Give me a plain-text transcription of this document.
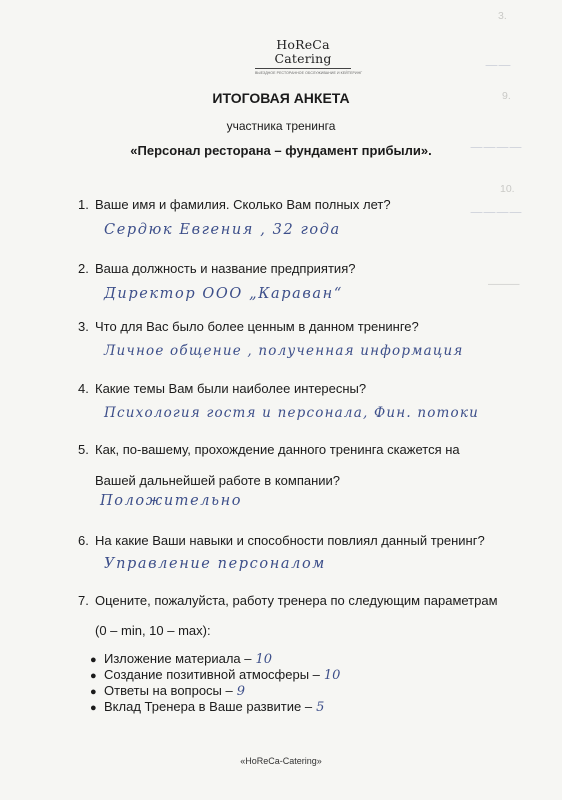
3.
9.
10.
——
————
————
———
HoReCa Catering
ВЫЕЗДНОЕ РЕСТОРАННОЕ ОБСЛУЖИВАНИЕ И КЕЙТЕРИНГ
ИТОГОВАЯ АНКЕТА
участника тренинга
«Персонал ресторана – фундамент прибыли».
1. Ваше имя и фамилия. Сколько Вам полных лет?
Сердюк Евгения , 32 года
2. Ваша должность и название предприятия?
Директор ООО „Караван“
3. Что для Вас было более ценным в данном тренинге?
Личное общение , полученная информация
4. Какие темы Вам были наиболее интересны?
Психология гостя и персонала, Фин. потоки
5. Как, по-вашему, прохождение данного тренинга скажется на
Вашей дальнейшей работе в компании?
Положительно
6. На какие Ваши навыки и способности повлиял данный тренинг?
Управление персоналом
7. Оцените, пожалуйста, работу тренера по следующим параметрам
(0 – min, 10 – max):
● Изложение материала – 10
● Создание позитивной атмосферы – 10
● Ответы на вопросы – 9
● Вклад Тренера в Ваше развитие – 5
«HoReCa-Catering»
